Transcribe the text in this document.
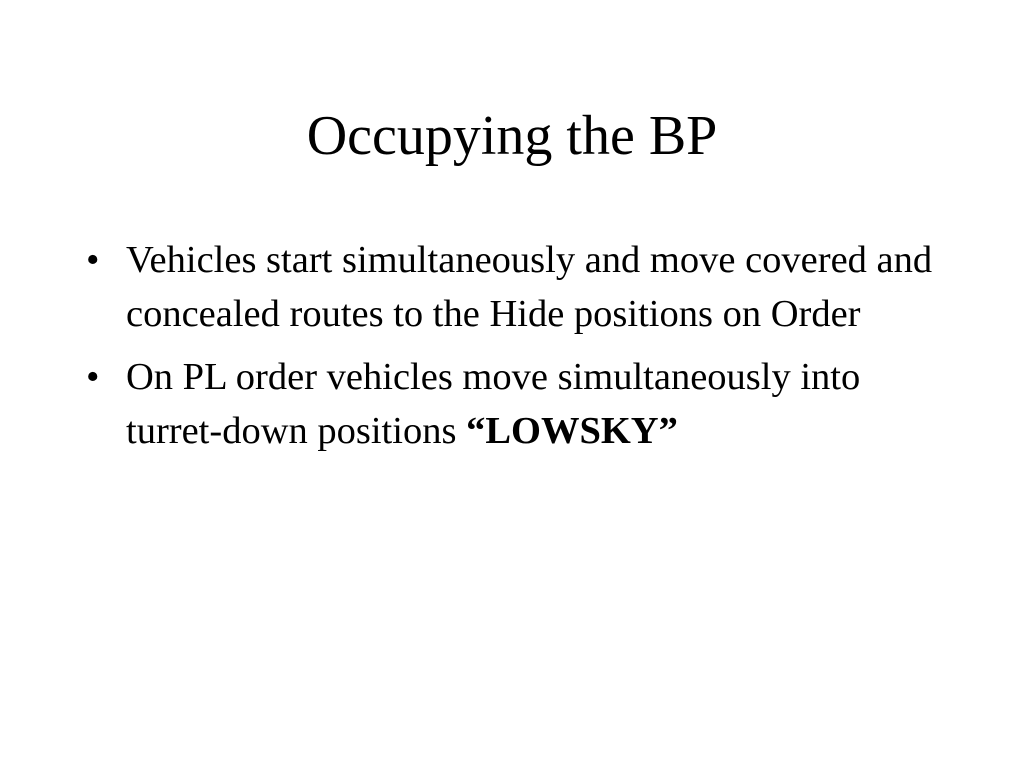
Occupying the BP
• Vehicles start simultaneously and move covered and concealed routes to the Hide positions on Order
• On PL order vehicles move simultaneously into turret-down positions “LOWSKY”
